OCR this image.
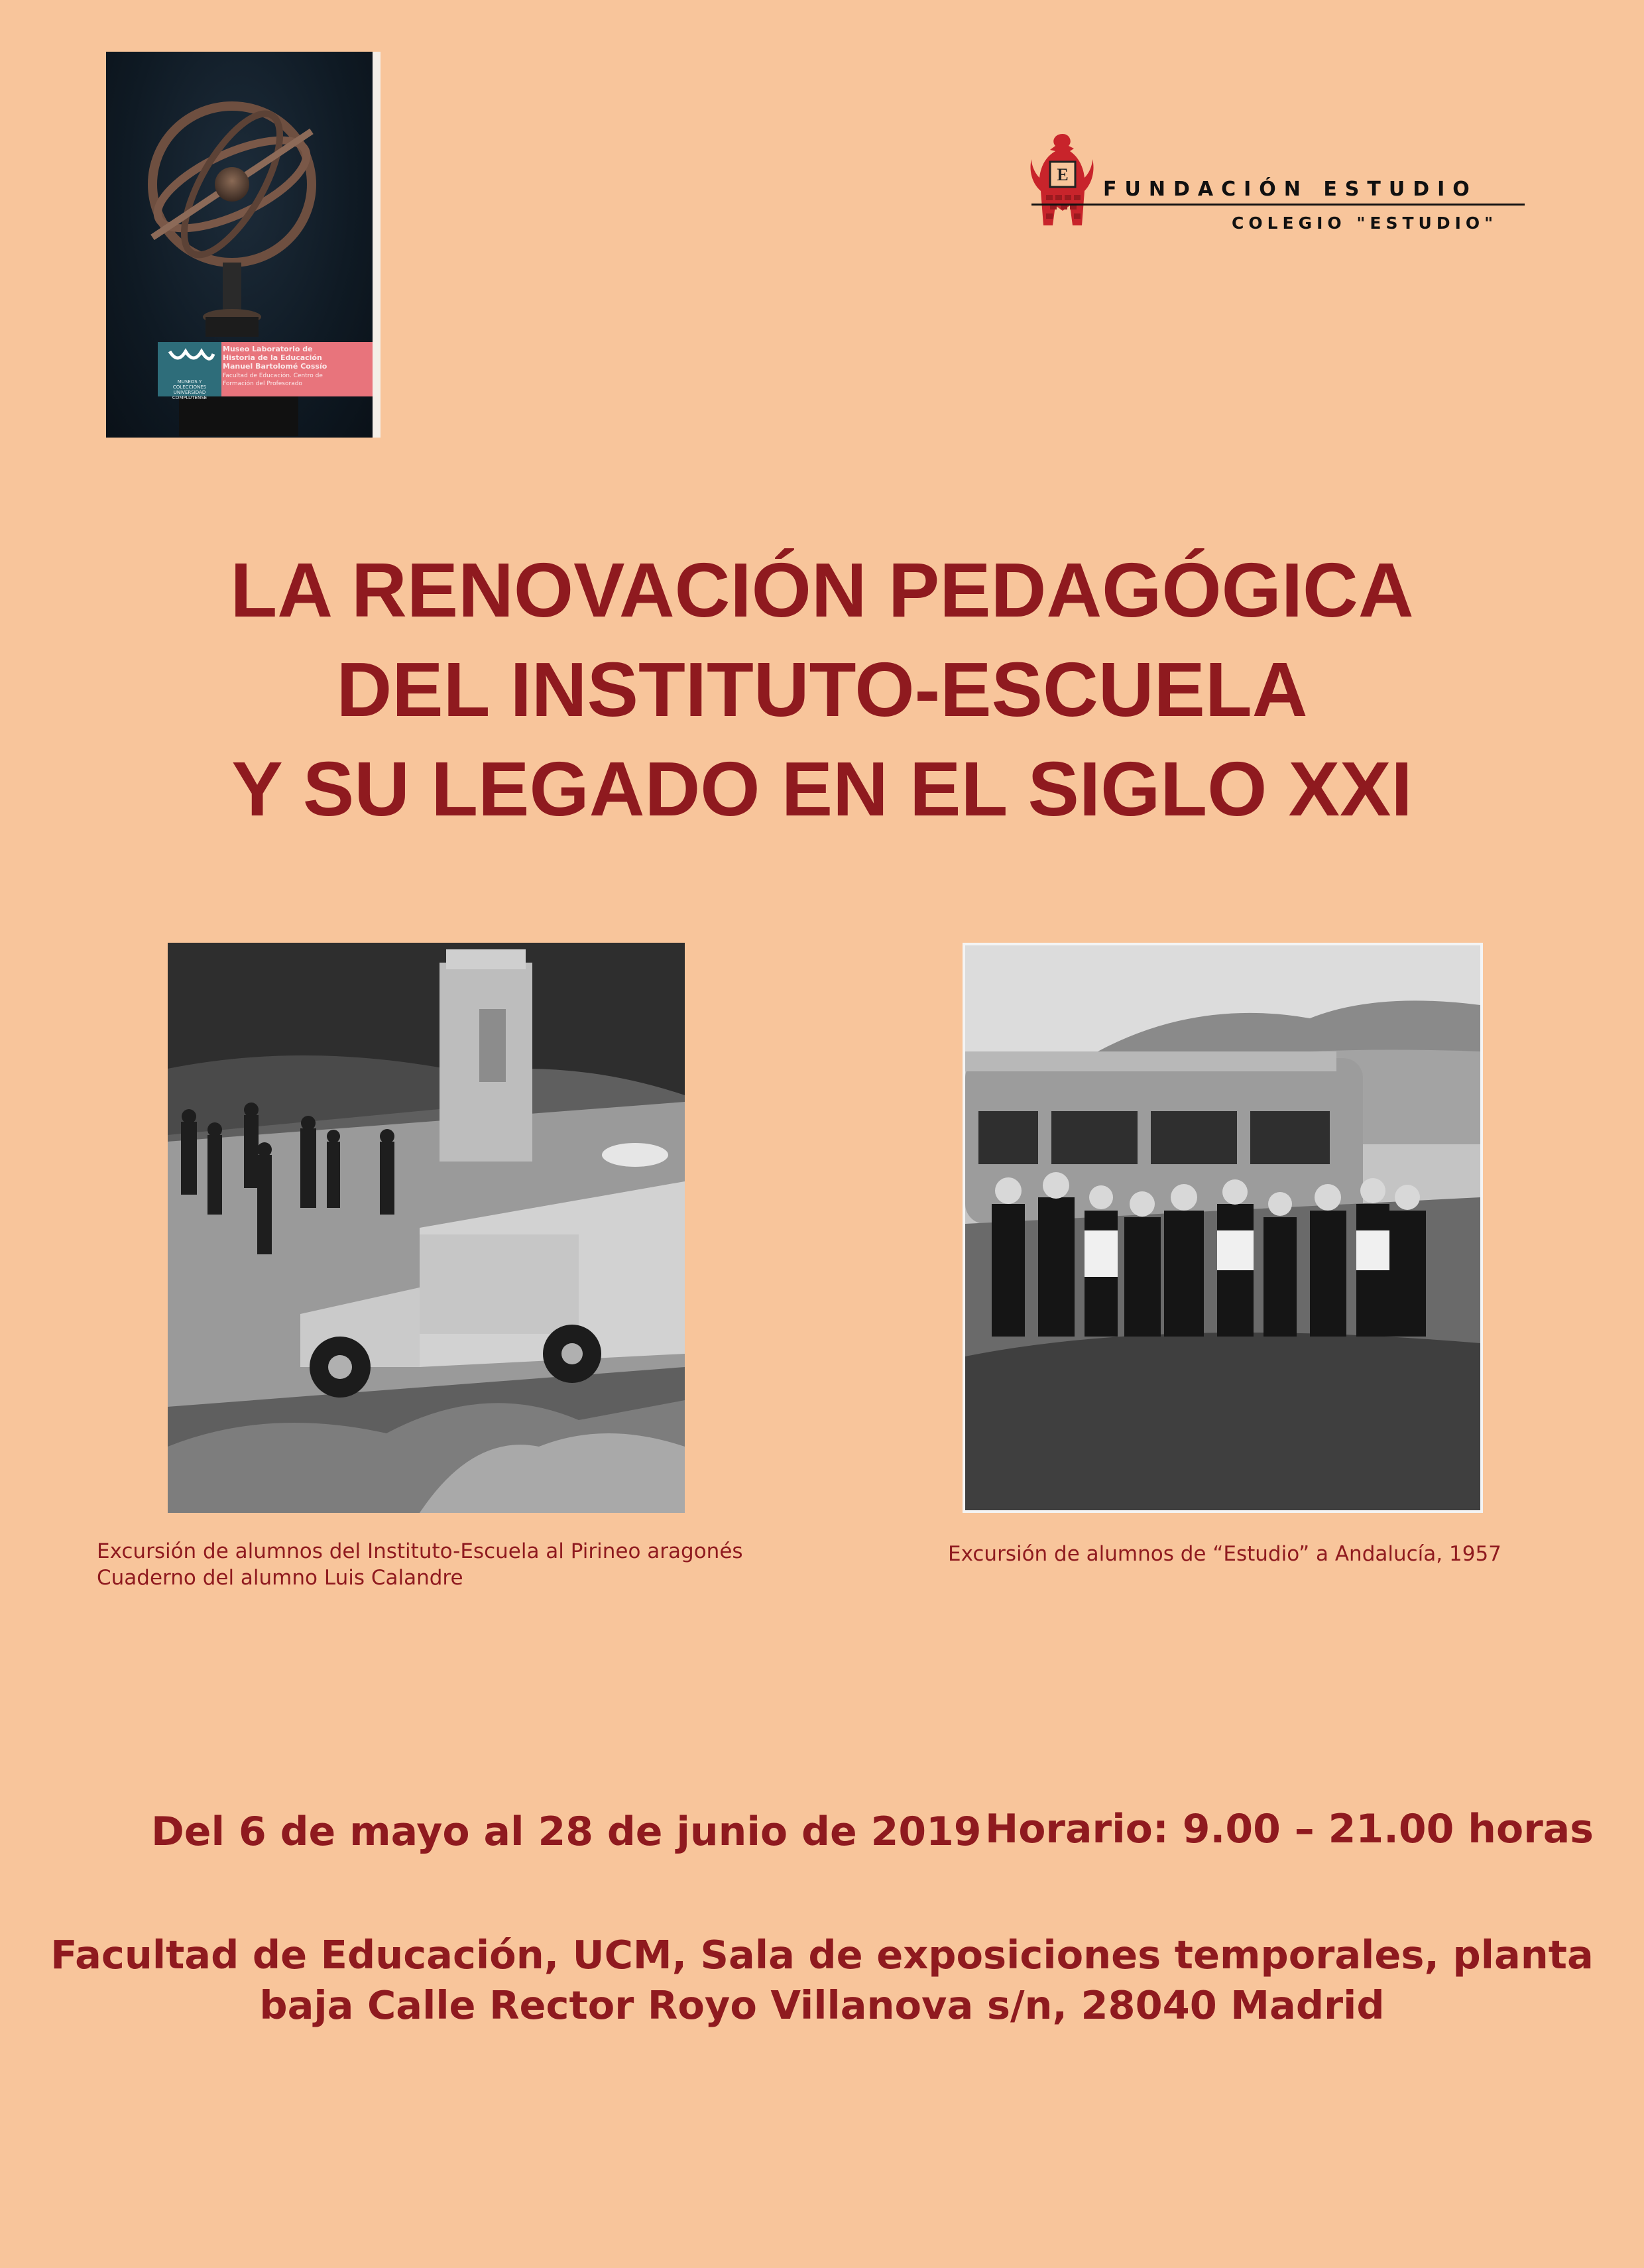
MUSEOS Y
COLECCIONES
UNIVERSIDAD
COMPLUTENSE
Museo Laboratorio de
Historia de la Educación
Manuel Bartolomé Cossío
Facultad de Educación. Centro de
Formación del Profesorado
E
FUNDACIÓN ESTUDIO
COLEGIO "ESTUDIO"
LA RENOVACIÓN PEDAGÓGICA
DEL INSTITUTO-ESCUELA
Y SU LEGADO EN EL SIGLO XXI
Excursión de alumnos del Instituto-Escuela al Pirineo aragonés
Cuaderno del alumno Luis Calandre
Excursión de alumnos de “Estudio” a Andalucía, 1957
Del 6 de mayo al 28 de junio de 2019 Horario: 9.00 – 21.00 horas
Facultad de Educación, UCM, Sala de exposiciones temporales, planta
baja Calle Rector Royo Villanova s/n, 28040 Madrid
